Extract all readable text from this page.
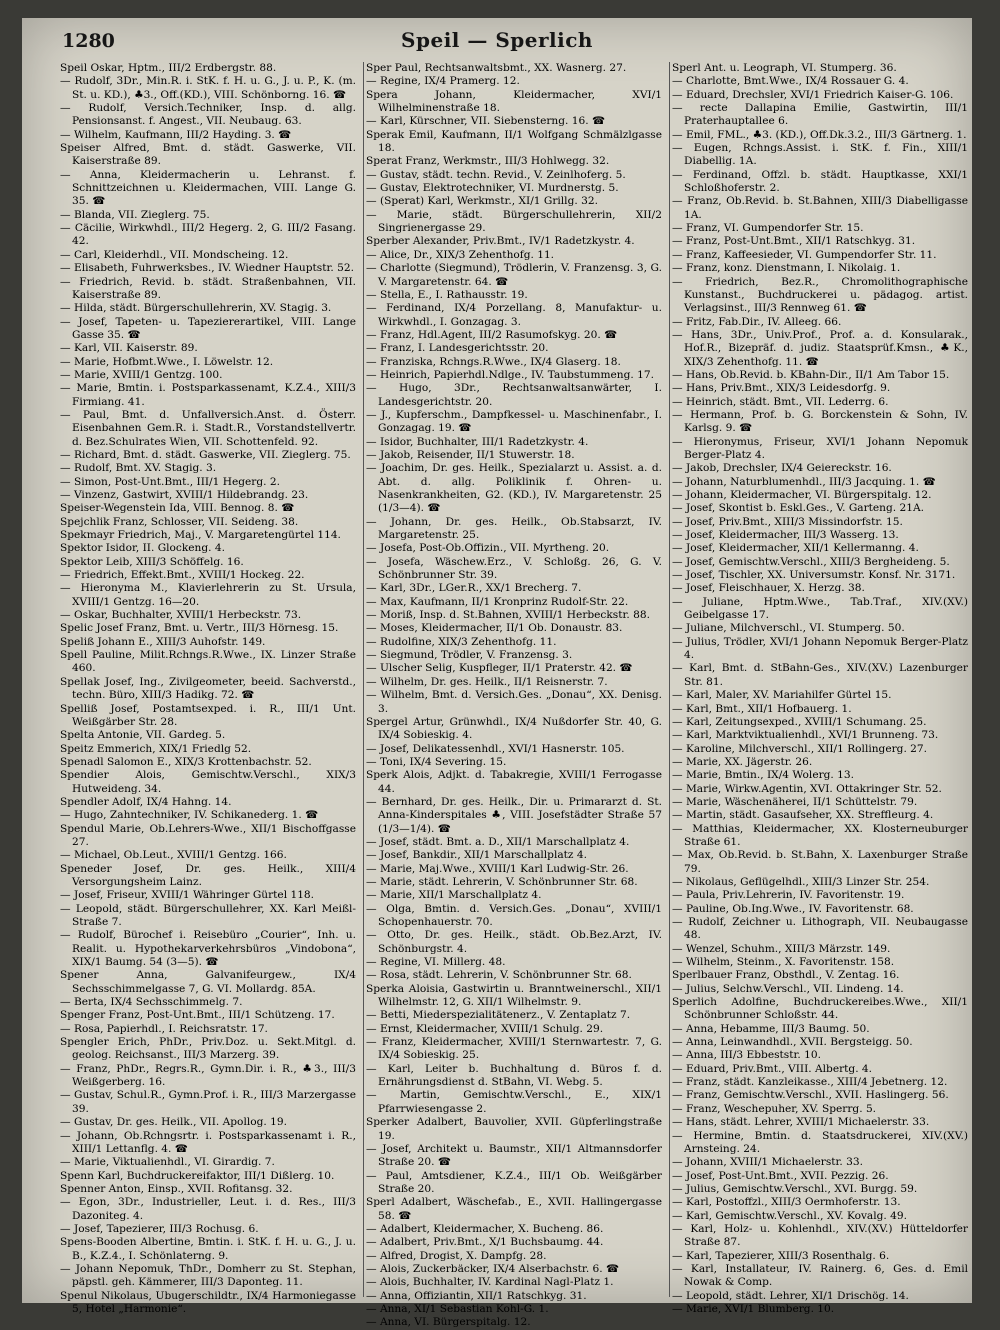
1280	Speil — Sperlich
Speil Oskar, Hptm., III/2 Erdbergstr. 88.
— Rudolf, 3Dr., Min.R. i. StK. f. H. u. G., J. u. P., K. (m. St. u. KD.), ♣3., Off.(KD.), VIII. Schönborng. 16. ☎
— Rudolf, Versich.Techniker, Insp. d. allg. Pensionsanst. f. Angest., VII. Neubaug. 63.
— Wilhelm, Kaufmann, III/2 Hayding. 3. ☎
Speiser Alfred, Bmt. d. städt. Gaswerke, VII. Kaiserstraße 89.
— Anna, Kleidermacherin u. Lehranst. f. Schnittzeichnen u. Kleidermachen, VIII. Lange G. 35. ☎
— Blanda, VII. Zieglerg. 75.
— Cäcilie, Wirkwhdl., III/2 Hegerg. 2, G. III/2 Fasang. 42.
— Carl, Kleiderhdl., VII. Mondscheing. 12.
— Elisabeth, Fuhrwerksbes., IV. Wiedner Hauptstr. 52.
— Friedrich, Revid. b. städt. Straßenbahnen, VII. Kaiserstraße 89.
— Hilda, städt. Bürgerschullehrerin, XV. Stagig. 3.
— Josef, Tapeten- u. Tapeziererartikel, VIII. Lange Gasse 35. ☎
— Karl, VII. Kaiserstr. 89.
— Marie, Hofbmt.Wwe., I. Löwelstr. 12.
— Marie, XVIII/1 Gentzg. 100.
— Marie, Bmtin. i. Postsparkassenamt, K.Z.4., XIII/3 Firmiang. 41.
— Paul, Bmt. d. Unfallversich.Anst. d. Österr. Eisenbahnen Gem.R. i. Stadt.R., Vorstandstellvertr. d. Bez.Schulrates Wien, VII. Schottenfeld. 92.
— Richard, Bmt. d. städt. Gaswerke, VII. Zieglerg. 75.
— Rudolf, Bmt. XV. Stagig. 3.
— Simon, Post-Unt.Bmt., III/1 Hegerg. 2.
— Vinzenz, Gastwirt, XVIII/1 Hildebrandg. 23.
Speiser-Wegenstein Ida, VIII. Bennog. 8. ☎
Spejchlik Franz, Schlosser, VII. Seideng. 38.
Spekmayr Friedrich, Maj., V. Margaretengürtel 114.
Spektor Isidor, II. Glockeng. 4.
Spektor Leib, XIII/3 Schöffelg. 16.
— Friedrich, Effekt.Bmt., XVIII/1 Hockeg. 22.
— Hieronyma M., Klavierlehrerin zu St. Ursula, XVIII/1 Gentzg. 16—20.
— Oskar, Buchhalter, XVIII/1 Herbeckstr. 73.
Spelic Josef Franz, Bmt. u. Vertr., III/3 Hörnesg. 15.
Speliß Johann E., XIII/3 Auhofstr. 149.
Spell Pauline, Milit.Rchngs.R.Wwe., IX. Linzer Straße 460.
Spellak Josef, Ing., Zivilgeometer, beeid. Sachverstd., techn. Büro, XIII/3 Hadikg. 72. ☎
Spelliß Josef, Postamtsexped. i. R., III/1 Unt. Weißgärber Str. 28.
Spelta Antonie, VII. Gardeg. 5.
Speitz Emmerich, XIX/1 Friedlg 52.
Spenadl Salomon E., XIX/3 Krottenbachstr. 52.
Spendier Alois, Gemischtw.Verschl., XIX/3 Hutweideng. 34.
Spendler Adolf, IX/4 Hahng. 14.
— Hugo, Zahntechniker, IV. Schikanederg. 1. ☎
Spendul Marie, Ob.Lehrers-Wwe., XII/1 Bischoffgasse 27.
— Michael, Ob.Leut., XVIII/1 Gentzg. 166.
Speneder Josef, Dr. ges. Heilk., XIII/4 Versorgungsheim Lainz.
— Josef, Friseur, XVIII/1 Währinger Gürtel 118.
— Leopold, städt. Bürgerschullehrer, XX. Karl Meißl-Straße 7.
— Rudolf, Bürochef i. Reisebüro „Courier“, Inh. u. Realit. u. Hypothekarverkehrsbüros „Vindobona“, XIX/1 Baumg. 54 (3—5). ☎
Spener Anna, Galvanifeurgew., IX/4 Sechsschimmelgasse 7, G. VI. Mollardg. 85A.
— Berta, IX/4 Sechsschimmelg. 7.
Spenger Franz, Post-Unt.Bmt., III/1 Schützeng. 17.
— Rosa, Papierhdl., I. Reichsratstr. 17.
Spengler Erich, PhDr., Priv.Doz. u. Sekt.Mitgl. d. geolog. Reichsanst., III/3 Marzerg. 39.
— Franz, PhDr., Regrs.R., Gymn.Dir. i. R., ♣3., III/3 Weißgerberg. 16.
— Gustav, Schul.R., Gymn.Prof. i. R., III/3 Marzergasse 39.
— Gustav, Dr. ges. Heilk., VII. Apollog. 19.
— Johann, Ob.Rchngsrtr. i. Postsparkassenamt i. R., XIII/1 Lettanflg. 4. ☎
— Marie, Viktualienhdl., VI. Girardig. 7.
Spenn Karl, Buchdruckereifaktor, III/1 Dißlerg. 10.
Spenner Anton, Einsp., XVII. Rofitansg. 32.
— Egon, 3Dr., Industrieller, Leut. i. d. Res., III/3 Dazoniteg. 4.
— Josef, Tapezierer, III/3 Rochusg. 6.
Spens-Booden Albertine, Bmtin. i. StK. f. H. u. G., J. u. B., K.Z.4., I. Schönlaterng. 9.
— Johann Nepomuk, ThDr., Domherr zu St. Stephan, päpstl. geh. Kämmerer, III/3 Daponteg. 11.
Spenul Nikolaus, Ubugerschildtr., IX/4 Harmoniegasse 5, Hotel „Harmonie“.
Sper Paul, Rechtsanwaltsbmt., XX. Wasnerg. 27.
— Regine, IX/4 Pramerg. 12.
Spera Johann, Kleidermacher, XVI/1 Wilhelminenstraße 18.
— Karl, Kürschner, VII. Siebensterng. 16. ☎
Sperak Emil, Kaufmann, II/1 Wolfgang Schmälzlgasse 18.
Sperat Franz, Werkmstr., III/3 Hohlwegg. 32.
— Gustav, städt. techn. Revid., V. Zeinlhoferg. 5.
— Gustav, Elektrotechniker, VI. Murdnerstg. 5.
— (Sperat) Karl, Werkmstr., XI/1 Grillg. 32.
— Marie, städt. Bürgerschullehrerin, XII/2 Singrienergasse 29.
Sperber Alexander, Priv.Bmt., IV/1 Radetzkystr. 4.
— Alice, Dr., XIX/3 Zehenthofg. 11.
— Charlotte (Siegmund), Trödlerin, V. Franzensg. 3, G. V. Margaretenstr. 64. ☎
— Stella, E., I. Rathausstr. 19.
— Ferdinand, IX/4 Porzellang. 8, Manufaktur- u. Wirkwhdl., I. Gonzagag. 3.
— Franz, Hdl.Agent, III/2 Rasumofskyg. 20. ☎
— Franz, I. Landesgerichtsstr. 20.
— Franziska, Rchngs.R.Wwe., IX/4 Glaserg. 18.
— Heinrich, Papierhdl.Ndlge., IV. Taubstummeng. 17.
— Hugo, 3Dr., Rechtsanwaltsanwärter, I. Landesgerichtstr. 20.
— J., Kupferschm., Dampfkessel- u. Maschinenfabr., I. Gonzagag. 19. ☎
— Isidor, Buchhalter, III/1 Radetzkystr. 4.
— Jakob, Reisender, II/1 Stuwerstr. 18.
— Joachim, Dr. ges. Heilk., Spezialarzt u. Assist. a. d. Abt. d. allg. Poliklinik f. Ohren- u. Nasenkrankheiten, G2. (KD.), IV. Margaretenstr. 25 (1/3—4). ☎
— Johann, Dr. ges. Heilk., Ob.Stabsarzt, IV. Margaretenstr. 25.
— Josefa, Post-Ob.Offizin., VII. Myrtheng. 20.
— Josefa, Wäschew.Erz., V. Schloßg. 26, G. V. Schönbrunner Str. 39.
— Karl, 3Dr., LGer.R., XX/1 Brecherg. 7.
— Max, Kaufmann, II/1 Kronprinz Rudolf-Str. 22.
— Moriß, Insp. d. St.Bahnen, XVIII/1 Herbeckstr. 88.
— Moses, Kleidermacher, II/1 Ob. Donaustr. 83.
— Rudolfine, XIX/3 Zehenthofg. 11.
— Siegmund, Trödler, V. Franzensg. 3.
— Ulscher Selig, Kuspfleger, II/1 Praterstr. 42. ☎
— Wilhelm, Dr. ges. Heilk., II/1 Reisnerstr. 7.
— Wilhelm, Bmt. d. Versich.Ges. „Donau“, XX. Denisg. 3.
Spergel Artur, Grünwhdl., IX/4 Nußdorfer Str. 40, G. IX/4 Sobieskig. 4.
— Josef, Delikatessenhdl., XVI/1 Hasnerstr. 105.
— Toni, IX/4 Severing. 15.
Sperk Alois, Adjkt. d. Tabakregie, XVIII/1 Ferrogasse 44.
— Bernhard, Dr. ges. Heilk., Dir. u. Primararzt d. St. Anna-Kinderspitales ♣, VIII. Josefstädter Straße 57 (1/3—1/4). ☎
— Josef, städt. Bmt. a. D., XII/1 Marschallplatz 4.
— Josef, Bankdir., XII/1 Marschallplatz 4.
— Marie, Maj.Wwe., XVIII/1 Karl Ludwig-Str. 26.
— Marie, städt. Lehrerin, V. Schönbrunner Str. 68.
— Marie, XII/1 Marschallplatz 4.
— Olga, Bmtin. d. Versich.Ges. „Donau“, XVIII/1 Schopenhauerstr. 70.
— Otto, Dr. ges. Heilk., städt. Ob.Bez.Arzt, IV. Schönburgstr. 4.
— Regine, VI. Millerg. 48.
— Rosa, städt. Lehrerin, V. Schönbrunner Str. 68.
Sperka Aloisia, Gastwirtin u. Branntweinerschl., XII/1 Wilhelmstr. 12, G. XII/1 Wilhelmstr. 9.
— Betti, Miederspezialitätenerz., V. Zentaplatz 7.
— Ernst, Kleidermacher, XVIII/1 Schulg. 29.
— Franz, Kleidermacher, XVIII/1 Sternwartestr. 7, G. IX/4 Sobieskig. 25.
— Karl, Leiter b. Buchhaltung d. Büros f. d. Ernährungsdienst d. StBahn, VI. Webg. 5.
— Martin, Gemischtw.Verschl., E., XIX/1 Pfarrwiesengasse 2.
Sperker Adalbert, Bauvolier, XVII. Güpferlingstraße 19.
— Josef, Architekt u. Baumstr., XII/1 Altmannsdorfer Straße 20. ☎
— Paul, Amtsdiener, K.Z.4., III/1 Ob. Weißgärber Straße 20.
Sperl Adalbert, Wäschefab., E., XVII. Hallingergasse 58. ☎
— Adalbert, Kleidermacher, X. Bucheng. 86.
— Adalbert, Priv.Bmt., X/1 Buchsbaumg. 44.
— Alfred, Drogist, X. Dampfg. 28.
— Alois, Zuckerbäcker, IX/4 Alserbachstr. 6. ☎
— Alois, Buchhalter, IV. Kardinal Nagl-Platz 1.
— Anna, Offiziantin, XII/1 Ratschkyg. 31.
— Anna, XI/1 Sebastian Kohl-G. 1.
— Anna, VI. Bürgerspitalg. 12.
Sperl Ant. u. Leograph, VI. Stumperg. 36.
— Charlotte, Bmt.Wwe., IX/4 Rossauer G. 4.
— Eduard, Drechsler, XVI/1 Friedrich Kaiser-G. 106.
— recte Dallapina Emilie, Gastwirtin, III/1 Praterhauptallee 6.
— Emil, FML., ♣3. (KD.), Off.Dk.3.2., III/3 Gärtnerg. 1.
— Eugen, Rchngs.Assist. i. StK. f. Fin., XIII/1 Diabellig. 1A.
— Ferdinand, Offzl. b. städt. Hauptkasse, XXI/1 Schloßhoferstr. 2.
— Franz, Ob.Revid. b. St.Bahnen, XIII/3 Diabelligasse 1A.
— Franz, VI. Gumpendorfer Str. 15.
— Franz, Post-Unt.Bmt., XII/1 Ratschkyg. 31.
— Franz, Kaffeesieder, VI. Gumpendorfer Str. 11.
— Franz, konz. Dienstmann, I. Nikolaig. 1.
— Friedrich, Bez.R., Chromolithographische Kunstanst., Buchdruckerei u. pädagog. artist. Verlagsinst., III/3 Rennweg 61. ☎
— Fritz, Fab.Dir., IV. Alleeg. 66.
— Hans, 3Dr., Univ.Prof., Prof. a. d. Konsularak., Hof.R., Bizepräf. d. judiz. Staatsprüf.Kmsn., ♣K., XIX/3 Zehenthofg. 11. ☎
— Hans, Ob.Revid. b. KBahn-Dir., II/1 Am Tabor 15.
— Hans, Priv.Bmt., XIX/3 Leidesdorfg. 9.
— Heinrich, städt. Bmt., VII. Lederrg. 6.
— Hermann, Prof. b. G. Borckenstein & Sohn, IV. Karlsg. 9. ☎
— Hieronymus, Friseur, XVI/1 Johann Nepomuk Berger-Platz 4.
— Jakob, Drechsler, IX/4 Geiereckstr. 16.
— Johann, Naturblumenhdl., III/3 Jacquing. 1. ☎
— Johann, Kleidermacher, VI. Bürgerspitalg. 12.
— Josef, Skontist b. Eskl.Ges., V. Garteng. 21A.
— Josef, Priv.Bmt., XIII/3 Missindorfstr. 15.
— Josef, Kleidermacher, III/3 Wasserg. 13.
— Josef, Kleidermacher, XII/1 Kellermanng. 4.
— Josef, Gemischtw.Verschl., XIII/3 Bergheideng. 5.
— Josef, Tischler, XX. Universumstr. Konsf. Nr. 3171.
— Josef, Fleischhauer, X. Herzg. 38.
— Juliane, Hptm.Wwe., Tab.Traf., XIV.(XV.) Geibelgasse 17.
— Juliane, Milchverschl., VI. Stumperg. 50.
— Julius, Trödler, XVI/1 Johann Nepomuk Berger-Platz 4.
— Karl, Bmt. d. StBahn-Ges., XIV.(XV.) Lazenburger Str. 81.
— Karl, Maler, XV. Mariahilfer Gürtel 15.
— Karl, Bmt., XII/1 Hofbauerg. 1.
— Karl, Zeitungsexped., XVIII/1 Schumang. 25.
— Karl, Marktviktualienhdl., XVI/1 Brunneng. 73.
— Karoline, Milchverschl., XII/1 Rollingerg. 27.
— Marie, XX. Jägerstr. 26.
— Marie, Bmtin., IX/4 Wolerg. 13.
— Marie, Wirkw.Agentin, XVI. Ottakringer Str. 52.
— Marie, Wäschenäherei, II/1 Schüttelstr. 79.
— Martin, städt. Gasaufseher, XX. Streffleurg. 4.
— Matthias, Kleidermacher, XX. Klosterneuburger Straße 61.
— Max, Ob.Revid. b. St.Bahn, X. Laxenburger Straße 79.
— Nikolaus, Geflügelhdl., XIII/3 Linzer Str. 254.
— Paula, Priv.Lehrerin, IV. Favoritenstr. 19.
— Pauline, Ob.Ing.Wwe., IV. Favoritenstr. 68.
— Rudolf, Zeichner u. Lithograph, VII. Neubaugasse 48.
— Wenzel, Schuhm., XIII/3 Märzstr. 149.
— Wilhelm, Steinm., X. Favoritenstr. 158.
Sperlbauer Franz, Obsthdl., V. Zentag. 16.
— Julius, Selchw.Verschl., VII. Lindeng. 14.
Sperlich Adolfine, Buchdruckereibes.Wwe., XII/1 Schönbrunner Schloßstr. 44.
— Anna, Hebamme, III/3 Baumg. 50.
— Anna, Leinwandhdl., XVII. Bergsteigg. 50.
— Anna, III/3 Ebbeststr. 10.
— Eduard, Priv.Bmt., VIII. Albertg. 4.
— Franz, städt. Kanzleikasse., XIII/4 Jebetnerg. 12.
— Franz, Gemischtw.Verschl., XVII. Haslingerg. 56.
— Franz, Weschepuher, XV. Sperrg. 5.
— Hans, städt. Lehrer, XVIII/1 Michaelerstr. 33.
— Hermine, Bmtin. d. Staatsdruckerei, XIV.(XV.) Arnsteing. 24.
— Johann, XVIII/1 Michaelerstr. 33.
— Josef, Post-Unt.Bmt., XVII. Pezzig. 26.
— Julius, Gemischtw.Verschl., XVI. Burgg. 59.
— Karl, Postoffzl., XIII/3 Oermhoferstr. 13.
— Karl, Gemischtw.Verschl., XV. Kovalg. 49.
— Karl, Holz- u. Kohlenhdl., XIV.(XV.) Hütteldorfer Straße 87.
— Karl, Tapezierer, XIII/3 Rosenthalg. 6.
— Karl, Installateur, IV. Rainerg. 6, Ges. d. Emil Nowak & Comp.
— Leopold, städt. Lehrer, XI/1 Drischög. 14.
— Marie, XVI/1 Blumberg. 10.
